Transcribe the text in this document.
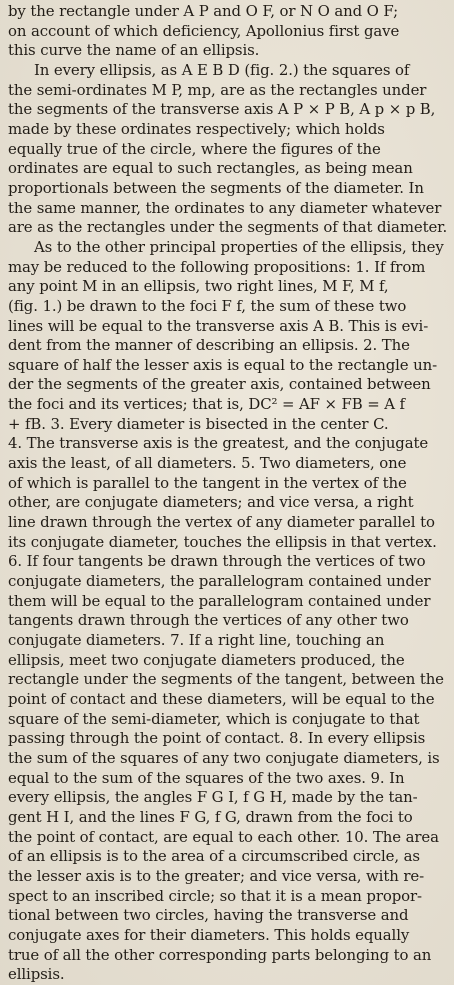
by the rectangle under A P and O F, or N O and O F;
on account of which deficiency, Apollonius first gave
this curve the name of an ellipsis.
In every ellipsis, as A E B D (fig. 2.) the squares of
the semi-ordinates M P, mp, are as the rectangles under
the segments of the transverse axis A P × P B, A p × p B,
made by these ordinates respectively; which holds
equally true of the circle, where the figures of the
ordinates are equal to such rectangles, as being mean
proportionals between the segments of the diameter. In
the same manner, the ordinates to any diameter whatever
are as the rectangles under the segments of that diameter.
As to the other principal properties of the ellipsis, they
may be reduced to the following propositions: 1. If from
any point M in an ellipsis, two right lines, M F, M f,
(fig. 1.) be drawn to the foci F f, the sum of these two
lines will be equal to the transverse axis A B. This is evi-
dent from the manner of describing an ellipsis. 2. The
square of half the lesser axis is equal to the rectangle un-
der the segments of the greater axis, contained between
the foci and its vertices; that is, DC² = AF × FB = A f
+ fB. 3. Every diameter is bisected in the center C.
4. The transverse axis is the greatest, and the conjugate
axis the least, of all diameters. 5. Two diameters, one
of which is parallel to the tangent in the vertex of the
other, are conjugate diameters; and vice versa, a right
line drawn through the vertex of any diameter parallel to
its conjugate diameter, touches the ellipsis in that vertex.
6. If four tangents be drawn through the vertices of two
conjugate diameters, the parallelogram contained under
them will be equal to the parallelogram contained under
tangents drawn through the vertices of any other two
conjugate diameters. 7. If a right line, touching an
ellipsis, meet two conjugate diameters produced, the
rectangle under the segments of the tangent, between the
point of contact and these diameters, will be equal to the
square of the semi-diameter, which is conjugate to that
passing through the point of contact. 8. In every ellipsis
the sum of the squares of any two conjugate diameters, is
equal to the sum of the squares of the two axes. 9. In
every ellipsis, the angles F G I, f G H, made by the tan-
gent H I, and the lines F G, f G, drawn from the foci to
the point of contact, are equal to each other. 10. The area
of an ellipsis is to the area of a circumscribed circle, as
the lesser axis is to the greater; and vice versa, with re-
spect to an inscribed circle; so that it is a mean propor-
tional between two circles, having the transverse and
conjugate axes for their diameters. This holds equally
true of all the other corresponding parts belonging to an
ellipsis.
